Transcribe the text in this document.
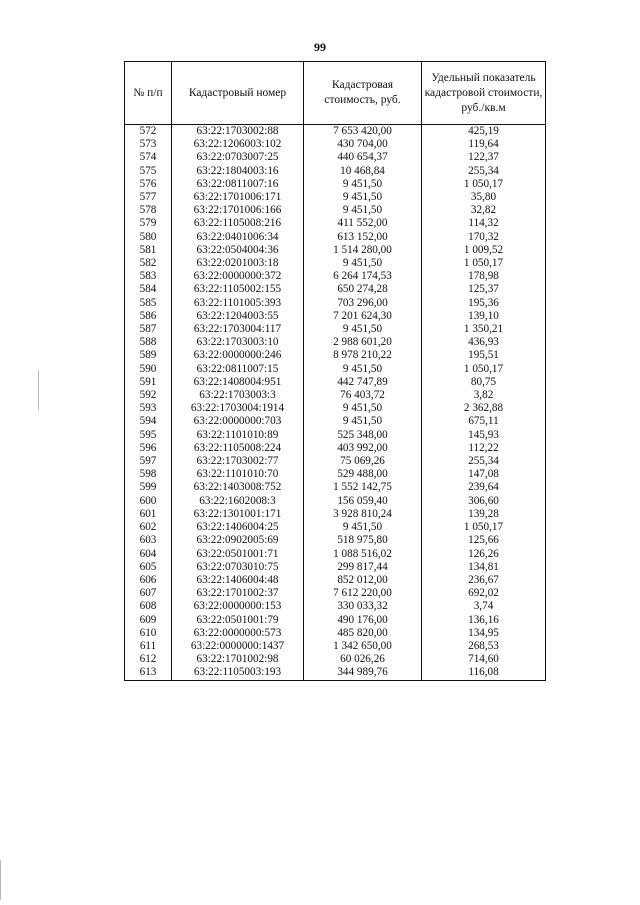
99
№ п/п	Кадастровый номер	Кадастровая стоимость, руб.	Удельный показатель кадастровой стоимости, руб./кв.м
572	63:22:1703002:88	7 653 420,00	425,19
573	63:22:1206003:102	430 704,00	119,64
574	63:22:0703007:25	440 654,37	122,37
575	63:22:1804003:16	10 468,84	255,34
576	63:22:0811007:16	9 451,50	1 050,17
577	63:22:1701006:171	9 451,50	35,80
578	63:22:1701006:166	9 451,50	32,82
579	63:22:1105008:216	411 552,00	114,32
580	63:22:0401006:34	613 152,00	170,32
581	63:22:0504004:36	1 514 280,00	1 009,52
582	63:22:0201003:18	9 451,50	1 050,17
583	63:22:0000000:372	6 264 174,53	178,98
584	63:22:1105002:155	650 274,28	125,37
585	63:22:1101005:393	703 296,00	195,36
586	63:22:1204003:55	7 201 624,30	139,10
587	63:22:1703004:117	9 451,50	1 350,21
588	63:22:1703003:10	2 988 601,20	436,93
589	63:22:0000000:246	8 978 210,22	195,51
590	63:22:0811007:15	9 451,50	1 050,17
591	63:22:1408004:951	442 747,89	80,75
592	63:22:1703003:3	76 403,72	3,82
593	63:22:1703004:1914	9 451,50	2 362,88
594	63:22:0000000:703	9 451,50	675,11
595	63:22:1101010:89	525 348,00	145,93
596	63:22:1105008:224	403 992,00	112,22
597	63:22:1703002:77	75 069,26	255,34
598	63:22:1101010:70	529 488,00	147,08
599	63:22:1403008:752	1 552 142,75	239,64
600	63:22:1602008:3	156 059,40	306,60
601	63:22:1301001:171	3 928 810,24	139,28
602	63:22:1406004:25	9 451,50	1 050,17
603	63:22:0902005:69	518 975,80	125,66
604	63:22:0501001:71	1 088 516,02	126,26
605	63:22:0703010:75	299 817,44	134,81
606	63:22:1406004:48	852 012,00	236,67
607	63:22:1701002:37	7 612 220,00	692,02
608	63:22:0000000:153	330 033,32	3,74
609	63:22:0501001:79	490 176,00	136,16
610	63:22:0000000:573	485 820,00	134,95
611	63:22:0000000:1437	1 342 650,00	268,53
612	63:22:1701002:98	60 026,26	714,60
613	63:22:1105003:193	344 989,76	116,08
